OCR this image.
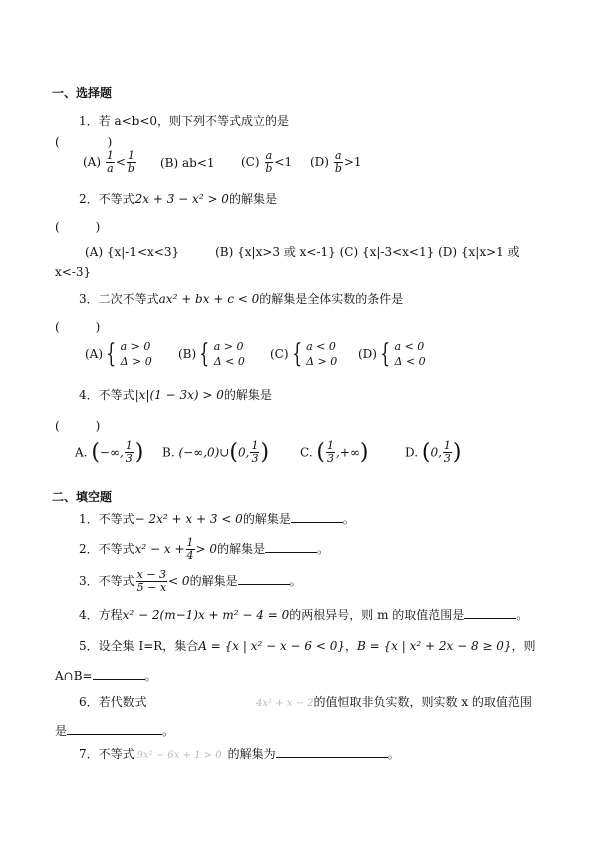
一、选择题
1．若 a<b<0，则下列不等式成立的是
(　　　　)
$(A) \frac{1}{a} < \frac{1}{b} (B)$ ab<1 $(C) \frac{a}{b} <1$ $(D) \frac{a}{b} >1$
2．不等式2x + 3 − x² > 0的解集是
(　　　)
(A) {x|-1<x<3}　　　(B) {x|x>3 或 x<-1} (C) {x|-3<x<1} (D) {x|x>1 或
x<-3}
3．二次不等式ax² + bx + c < 0的解集是全体实数的条件是
(　　　)
(A) { a > 0
Δ > 0
(B) { a > 0
Δ < 0
(C) { a < 0
Δ > 0
(D) { a < 0
Δ < 0
4．不等式|x|(1 − 3x) > 0的解集是
(　　　)
A. (−∞, $\frac{1}{3}$ ) B. (−∞,0)∪(0, $\frac{1}{3}$ )	C. ( $\frac{1}{3}$ ,+∞)	D. (0, $\frac{1}{3}$ )
二、填空题
1．不等式− 2x² + x + 3 < 0的解集是	。
2．不等式$x^2 - x + \frac{1}{4} > 0$的解集是	。
3．不等式 $\frac{x - 3}{5 - x} < 0$的解集是	。
4．方程x² − 2(m−1)x + m² − 4 = 0的两根异号，则 m 的取值范围是	。
5．设全集 I=R，集合A = {x | x² − x − 6 < 0}，B = {x | x² + 2x − 8 ≥ 0}，则
A∩B=	。
6．若代数式	4x² + x − 2的值恒取非负实数，则实数 x 的取值范围
是	。
7．不等式 9x² − 6x + 1 > 0 的解集为	。
